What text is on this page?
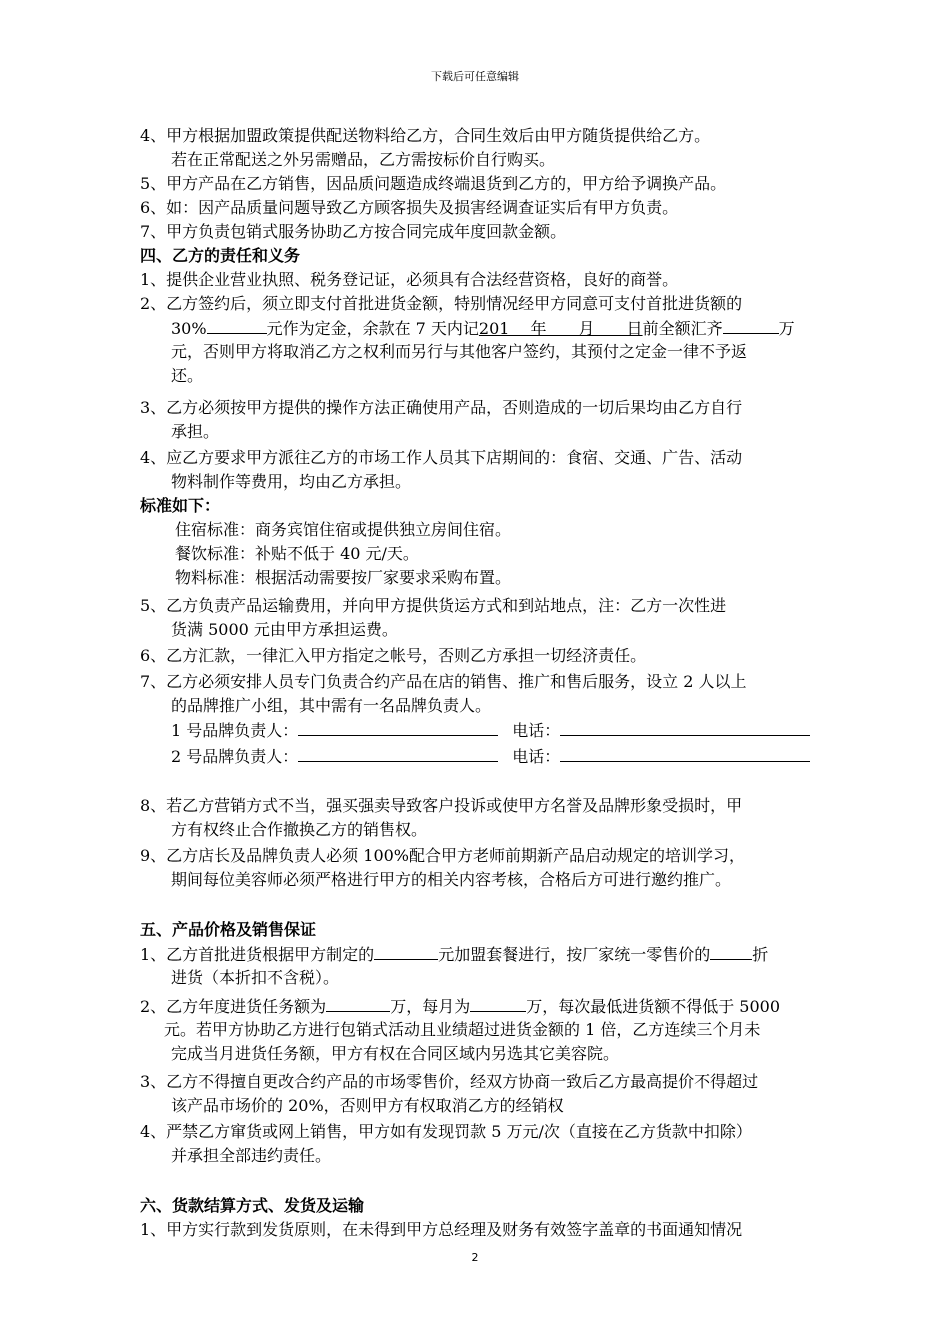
下载后可任意编辑
4、甲方根据加盟政策提供配送物料给乙方，合同生效后由甲方随货提供给乙方。
若在正常配送之外另需赠品，乙方需按标价自行购买。
5、甲方产品在乙方销售，因品质问题造成终端退货到乙方的，甲方给予调换产品。
6、如：因产品质量问题导致乙方顾客损失及损害经调查证实后有甲方负责。
7、甲方负责包销式服务协助乙方按合同完成年度回款金额。
四、乙方的责任和义务
1、提供企业营业执照、税务登记证，必须具有合法经营资格，良好的商誉。
2、乙方签约后，须立即支付首批进货金额，特别情况经甲方同意可支付首批进货额的
30%	元作为定金，余款在 7 天内记201　 年　　月　　日前全额汇齐	万
元，否则甲方将取消乙方之权利而另行与其他客户签约，其预付之定金一律不予返
还。
3、乙方必须按甲方提供的操作方法正确使用产品，否则造成的一切后果均由乙方自行
承担。
4、应乙方要求甲方派往乙方的市场工作人员其下店期间的：食宿、交通、广告、活动
物料制作等费用，均由乙方承担。
标准如下：
住宿标准：商务宾馆住宿或提供独立房间住宿。
餐饮标准：补贴不低于 40 元/天。
物料标准：根据活动需要按厂家要求采购布置。
5、乙方负责产品运输费用，并向甲方提供货运方式和到站地点，注：乙方一次性进
货满 5000 元由甲方承担运费。
6、乙方汇款，一律汇入甲方指定之帐号，否则乙方承担一切经济责任。
7、乙方必须安排人员专门负责合约产品在店的销售、推广和售后服务，设立 2 人以上
的品牌推广小组，其中需有一名品牌负责人。
1 号品牌负责人：	电话：
2 号品牌负责人：	电话：
8、若乙方营销方式不当，强买强卖导致客户投诉或使甲方名誉及品牌形象受损时，甲
方有权终止合作撤换乙方的销售权。
9、乙方店长及品牌负责人必须 100%配合甲方老师前期新产品启动规定的培训学习，
期间每位美容师必须严格进行甲方的相关内容考核，合格后方可进行邀约推广。
五、产品价格及销售保证
1、乙方首批进货根据甲方制定的	元加盟套餐进行，按厂家统一零售价的	折
进货（本折扣不含税）。
2、乙方年度进货任务额为	万，每月为	万，每次最低进货额不得低于 5000
元。若甲方协助乙方进行包销式活动且业绩超过进货金额的 1 倍，乙方连续三个月未
完成当月进货任务额，甲方有权在合同区域内另选其它美容院。
3、乙方不得擅自更改合约产品的市场零售价，经双方协商一致后乙方最高提价不得超过
该产品市场价的 20%，否则甲方有权取消乙方的经销权
4、严禁乙方窜货或网上销售，甲方如有发现罚款 5 万元/次（直接在乙方货款中扣除）
并承担全部违约责任。
六、货款结算方式、发货及运输
1、甲方实行款到发货原则，在未得到甲方总经理及财务有效签字盖章的书面通知情况
2
